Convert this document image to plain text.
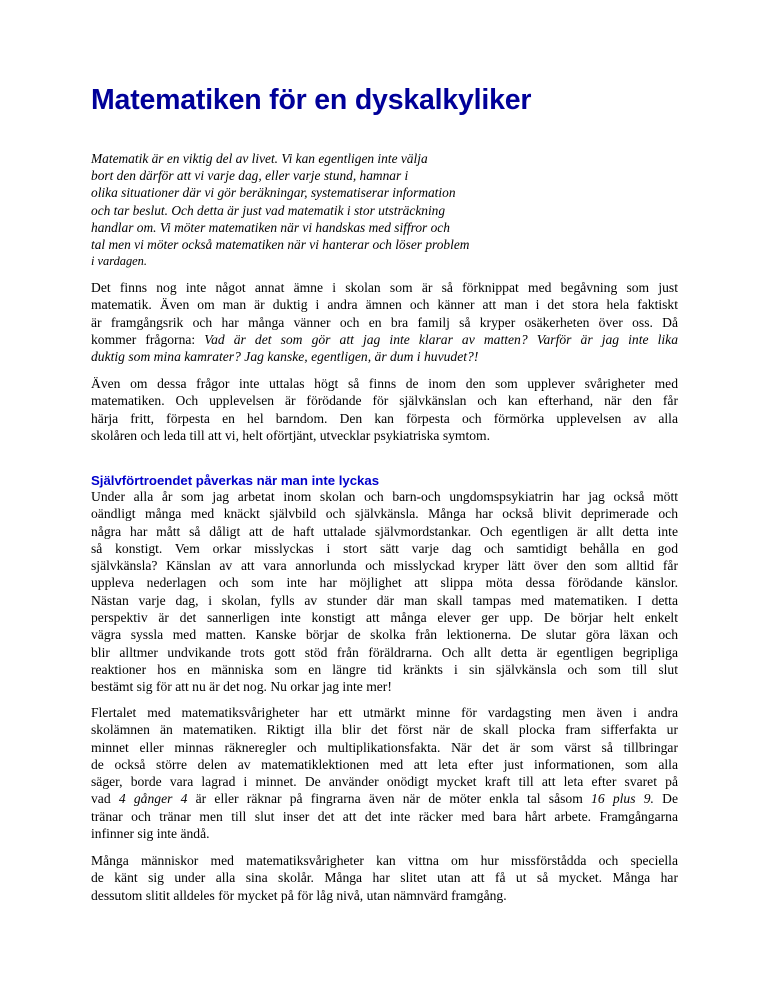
Matematiken för en dyskalkyliker
Matematik är en viktig del av livet. Vi kan egentligen inte välja
bort den därför att vi varje dag, eller varje stund, hamnar i
olika situationer där vi gör beräkningar, systematiserar information
och tar beslut. Och detta är just vad matematik i stor utsträckning
handlar om. Vi möter matematiken när vi handskas med siffror och
tal men vi möter också matematiken när vi hanterar och löser problem
i vardagen.
Det finns nog inte något annat ämne i skolan som är så förknippat med begåvning som just
matematik. Även om man är duktig i andra ämnen och känner att man i det stora hela faktiskt
är framgångsrik och har många vänner och en bra familj så kryper osäkerheten över oss. Då
kommer frågorna: Vad är det som gör att jag inte klarar av matten? Varför är jag inte lika
duktig som mina kamrater? Jag kanske, egentligen, är dum i huvudet?!
Även om dessa frågor inte uttalas högt så finns de inom den som upplever svårigheter med
matematiken. Och upplevelsen är förödande för självkänslan och kan efterhand, när den får
härja fritt, förpesta en hel barndom. Den kan förpesta och förmörka upplevelsen av alla
skolåren och leda till att vi, helt oförtjänt, utvecklar psykiatriska symtom.
Självförtroendet påverkas när man inte lyckas
Under alla år som jag arbetat inom skolan och barn-och ungdomspsykiatrin har jag också mött
oändligt många med knäckt självbild och självkänsla. Många har också blivit deprimerade och
några har mått så dåligt att de haft uttalade självmordstankar. Och egentligen är allt detta inte
så konstigt. Vem orkar misslyckas i stort sätt varje dag och samtidigt behålla en god
självkänsla? Känslan av att vara annorlunda och misslyckad kryper lätt över den som alltid får
uppleva nederlagen och som inte har möjlighet att slippa möta dessa förödande känslor.
Nästan varje dag, i skolan, fylls av stunder där man skall tampas med matematiken. I detta
perspektiv är det sannerligen inte konstigt att många elever ger upp. De börjar helt enkelt
vägra syssla med matten. Kanske börjar de skolka från lektionerna. De slutar göra läxan och
blir alltmer undvikande trots gott stöd från föräldrarna. Och allt detta är egentligen begripliga
reaktioner hos en människa som en längre tid kränkts i sin självkänsla och som till slut
bestämt sig för att nu är det nog. Nu orkar jag inte mer!
Flertalet med matematiksvårigheter har ett utmärkt minne för vardagsting men även i andra
skolämnen än matematiken. Riktigt illa blir det först när de skall plocka fram sifferfakta ur
minnet eller minnas räkneregler och multiplikationsfakta. När det är som värst så tillbringar
de också större delen av matematiklektionen med att leta efter just informationen, som alla
säger, borde vara lagrad i minnet. De använder onödigt mycket kraft till att leta efter svaret på
vad 4 gånger 4 är eller räknar på fingrarna även när de möter enkla tal såsom 16 plus 9. De
tränar och tränar men till slut inser det att det inte räcker med bara hårt arbete. Framgångarna
infinner sig inte ändå.
Många människor med matematiksvårigheter kan vittna om hur missförstådda och speciella
de känt sig under alla sina skolår. Många har slitet utan att få ut så mycket. Många har
dessutom slitit alldeles för mycket på för låg nivå, utan nämnvärd framgång.
